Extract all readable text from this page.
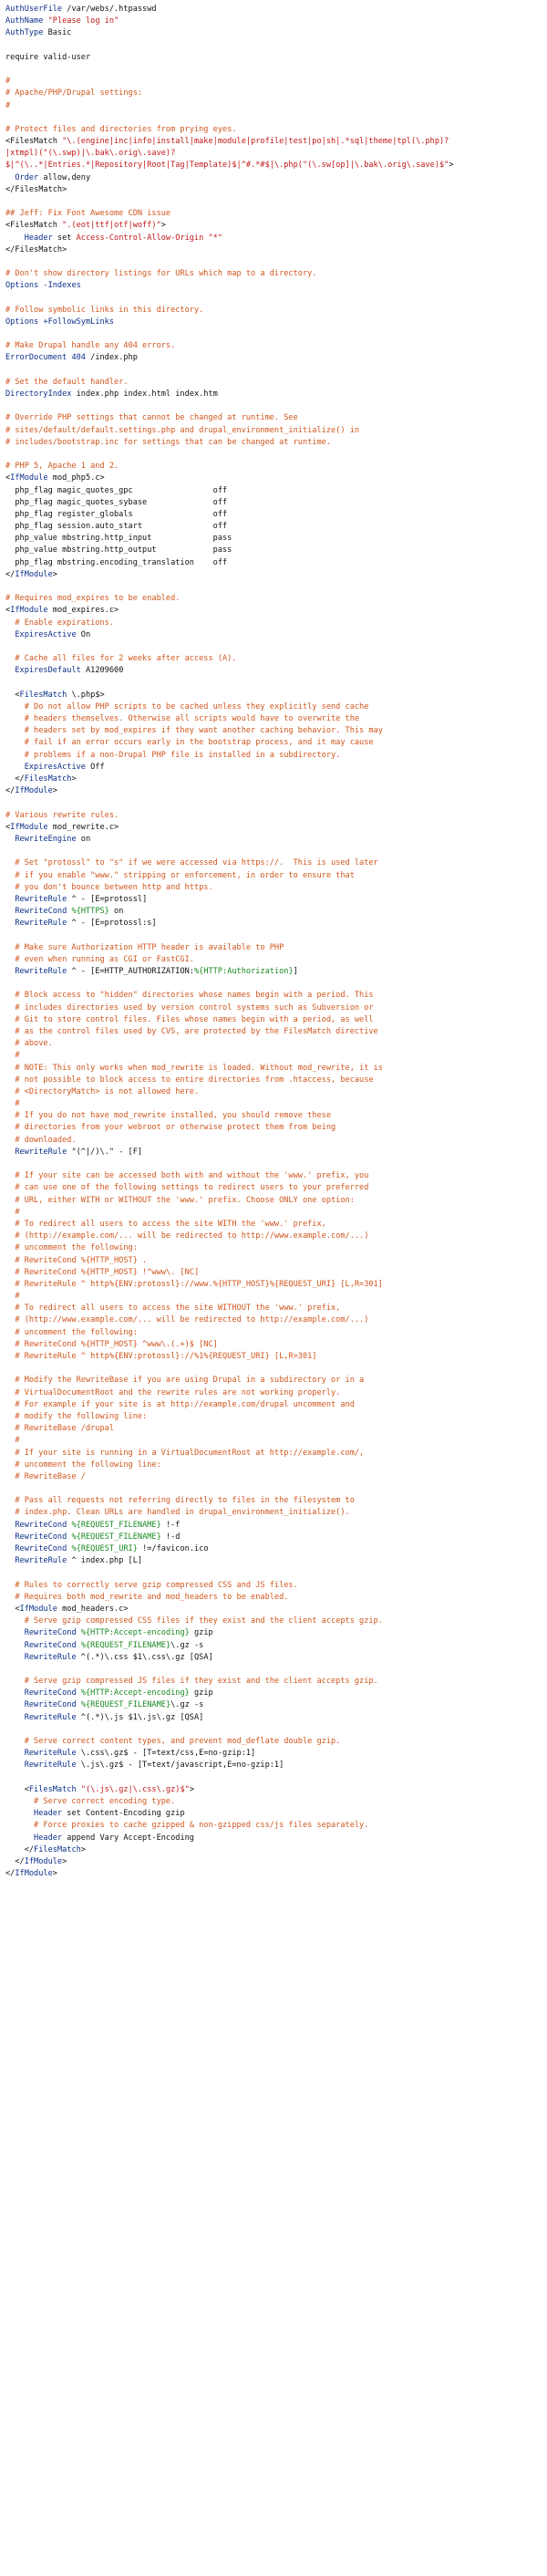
AuthUserFile /var/webs/.htpasswd
AuthName "Please log in"
AuthType Basic
require valid-user
#
# Apache/PHP/Drupal settings:
#
# Protect files and directories from prying eyes.
<FilesMatch "\.(engine|inc|info|install|make|module|profile|test|po|sh|.*sql|theme|tpl(\.php)?
|xtmpl)("(\.swp)|\.bak\.orig\.save)?
$|^(\..*|Entries.*|Repository|Root|Tag|Template)$|^#.*#$|\.php("(\.sw[op]|\.bak\.orig\.save)$">
Order allow,deny
</FilesMatch>
## Jeff: Fix Font Awesome CDN issue
<FilesMatch ".(eot|ttf|otf|woff)">
Header set Access-Control-Allow-Origin "*"
</FilesMatch>
# Don't show directory listings for URLs which map to a directory.
Options -Indexes
# Follow symbolic links in this directory.
Options +FollowSymLinks
# Make Drupal handle any 404 errors.
ErrorDocument 404 /index.php
# Set the default handler.
DirectoryIndex index.php index.html index.htm
# Override PHP settings that cannot be changed at runtime. See
# sites/default/default.settings.php and drupal_environment_initialize() in
# includes/bootstrap.inc for settings that can be changed at runtime.
# PHP 5, Apache 1 and 2.
<IfModule mod_php5.c>
php_flag magic_quotes_gpc                 off
php_flag magic_quotes_sybase              off
php_flag register_globals                 off
php_flag session.auto_start               off
php_value mbstring.http_input             pass
php_value mbstring.http_output            pass
php_flag mbstring.encoding_translation    off
</IfModule>
# Requires mod_expires to be enabled.
<IfModule mod_expires.c>
# Enable expirations.
ExpiresActive On
# Cache all files for 2 weeks after access (A).
ExpiresDefault A1209600
<FilesMatch \.php$>
# Do not allow PHP scripts to be cached unless they explicitly send cache
# headers themselves. Otherwise all scripts would have to overwrite the
# headers set by mod_expires if they want another caching behavior. This may
# fail if an error occurs early in the bootstrap process, and it may cause
# problems if a non-Drupal PHP file is installed in a subdirectory.
ExpiresActive Off
</FilesMatch>
</IfModule>
# Various rewrite rules.
<IfModule mod_rewrite.c>
RewriteEngine on
# Set "protossl" to "s" if we were accessed via https://.  This is used later
# if you enable "www." stripping or enforcement, in order to ensure that
# you don't bounce between http and https.
RewriteRule ^ - [E=protossl]
RewriteCond %{HTTPS} on
RewriteRule ^ - [E=protossl:s]
# Make sure Authorization HTTP header is available to PHP
# even when running as CGI or FastCGI.
RewriteRule ^ - [E=HTTP_AUTHORIZATION:%{HTTP:Authorization}]
# Block access to "hidden" directories whose names begin with a period. This
# includes directories used by version control systems such as Subversion or
# Git to store control files. Files whose names begin with a period, as well
# as the control files used by CVS, are protected by the FilesMatch directive
# above.
#
# NOTE: This only works when mod_rewrite is loaded. Without mod_rewrite, it is
# not possible to block access to entire directories from .htaccess, because
# <DirectoryMatch> is not allowed here.
#
# If you do not have mod_rewrite installed, you should remove these
# directories from your webroot or otherwise protect them from being
# downloaded.
RewriteRule "(^|/)\." - [F]
# If your site can be accessed both with and without the 'www.' prefix, you
# can use one of the following settings to redirect users to your preferred
# URL, either WITH or WITHOUT the 'www.' prefix. Choose ONLY one option:
#
# To redirect all users to access the site WITH the 'www.' prefix,
# (http://example.com/... will be redirected to http://www.example.com/...)
# uncomment the following:
# RewriteCond %{HTTP_HOST} .
# RewriteCond %{HTTP_HOST} !^www\. [NC]
# RewriteRule ^ http%{ENV:protossl}://www.%{HTTP_HOST}%{REQUEST_URI} [L,R=301]
#
# To redirect all users to access the site WITHOUT the 'www.' prefix,
# (http://www.example.com/... will be redirected to http://example.com/...)
# uncomment the following:
# RewriteCond %{HTTP_HOST} ^www\.(.+)$ [NC]
# RewriteRule ^ http%{ENV:protossl}://%1%{REQUEST_URI} [L,R=301]
# Modify the RewriteBase if you are using Drupal in a subdirectory or in a
# VirtualDocumentRoot and the rewrite rules are not working properly.
# For example if your site is at http://example.com/drupal uncomment and
# modify the following line:
# RewriteBase /drupal
#
# If your site is running in a VirtualDocumentRoot at http://example.com/,
# uncomment the following line:
# RewriteBase /
# Pass all requests not referring directly to files in the filesystem to
# index.php. Clean URLs are handled in drupal_environment_initialize().
RewriteCond %{REQUEST_FILENAME} !-f
RewriteCond %{REQUEST_FILENAME} !-d
RewriteCond %{REQUEST_URI} !=/favicon.ico
RewriteRule ^ index.php [L]
# Rules to correctly serve gzip compressed CSS and JS files.
# Requires both mod_rewrite and mod_headers to be enabled.
<IfModule mod_headers.c>
# Serve gzip compressed CSS files if they exist and the client accepts gzip.
RewriteCond %{HTTP:Accept-encoding} gzip
RewriteCond %{REQUEST_FILENAME}\.gz -s
RewriteRule ^(.*)\.css $1\.css\.gz [QSA]
# Serve gzip compressed JS files if they exist and the client accepts gzip.
RewriteCond %{HTTP:Accept-encoding} gzip
RewriteCond %{REQUEST_FILENAME}\.gz -s
RewriteRule ^(.*)\.js $1\.js\.gz [QSA]
# Serve correct content types, and prevent mod_deflate double gzip.
RewriteRule \.css\.gz$ - [T=text/css,E=no-gzip:1]
RewriteRule \.js\.gz$ - [T=text/javascript,E=no-gzip:1]
<FilesMatch "(\.js\.gz|\.css\.gz)$">
# Serve correct encoding type.
Header set Content-Encoding gzip
# Force proxies to cache gzipped & non-gzipped css/js files separately.
Header append Vary Accept-Encoding
</FilesMatch>
</IfModule>
</IfModule>
